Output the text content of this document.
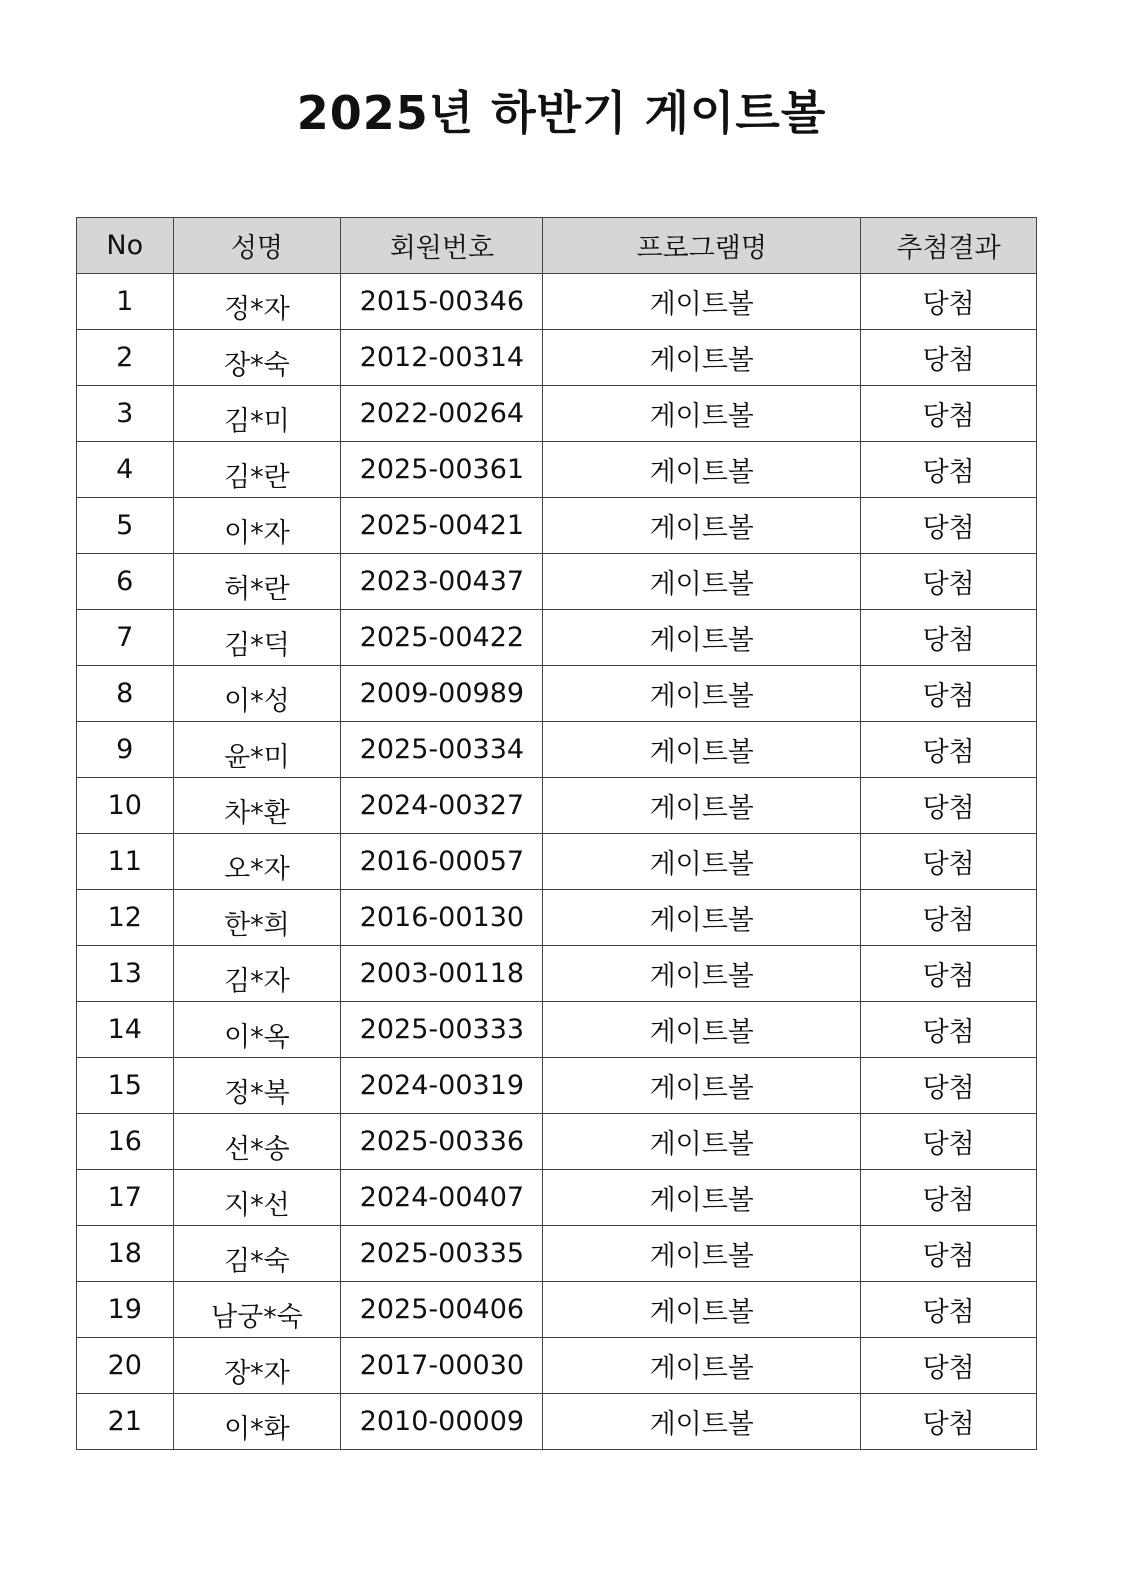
2025년 하반기 게이트볼
No	성명	회원번호	프로그램명	추첨결과
1	정*자	2015-00346	게이트볼	당첨
2	장*숙	2012-00314	게이트볼	당첨
3	김*미	2022-00264	게이트볼	당첨
4	김*란	2025-00361	게이트볼	당첨
5	이*자	2025-00421	게이트볼	당첨
6	허*란	2023-00437	게이트볼	당첨
7	김*덕	2025-00422	게이트볼	당첨
8	이*성	2009-00989	게이트볼	당첨
9	윤*미	2025-00334	게이트볼	당첨
10	차*환	2024-00327	게이트볼	당첨
11	오*자	2016-00057	게이트볼	당첨
12	한*희	2016-00130	게이트볼	당첨
13	김*자	2003-00118	게이트볼	당첨
14	이*옥	2025-00333	게이트볼	당첨
15	정*복	2024-00319	게이트볼	당첨
16	선*송	2025-00336	게이트볼	당첨
17	지*선	2024-00407	게이트볼	당첨
18	김*숙	2025-00335	게이트볼	당첨
19	남궁*숙	2025-00406	게이트볼	당첨
20	장*자	2017-00030	게이트볼	당첨
21	이*화	2010-00009	게이트볼	당첨
